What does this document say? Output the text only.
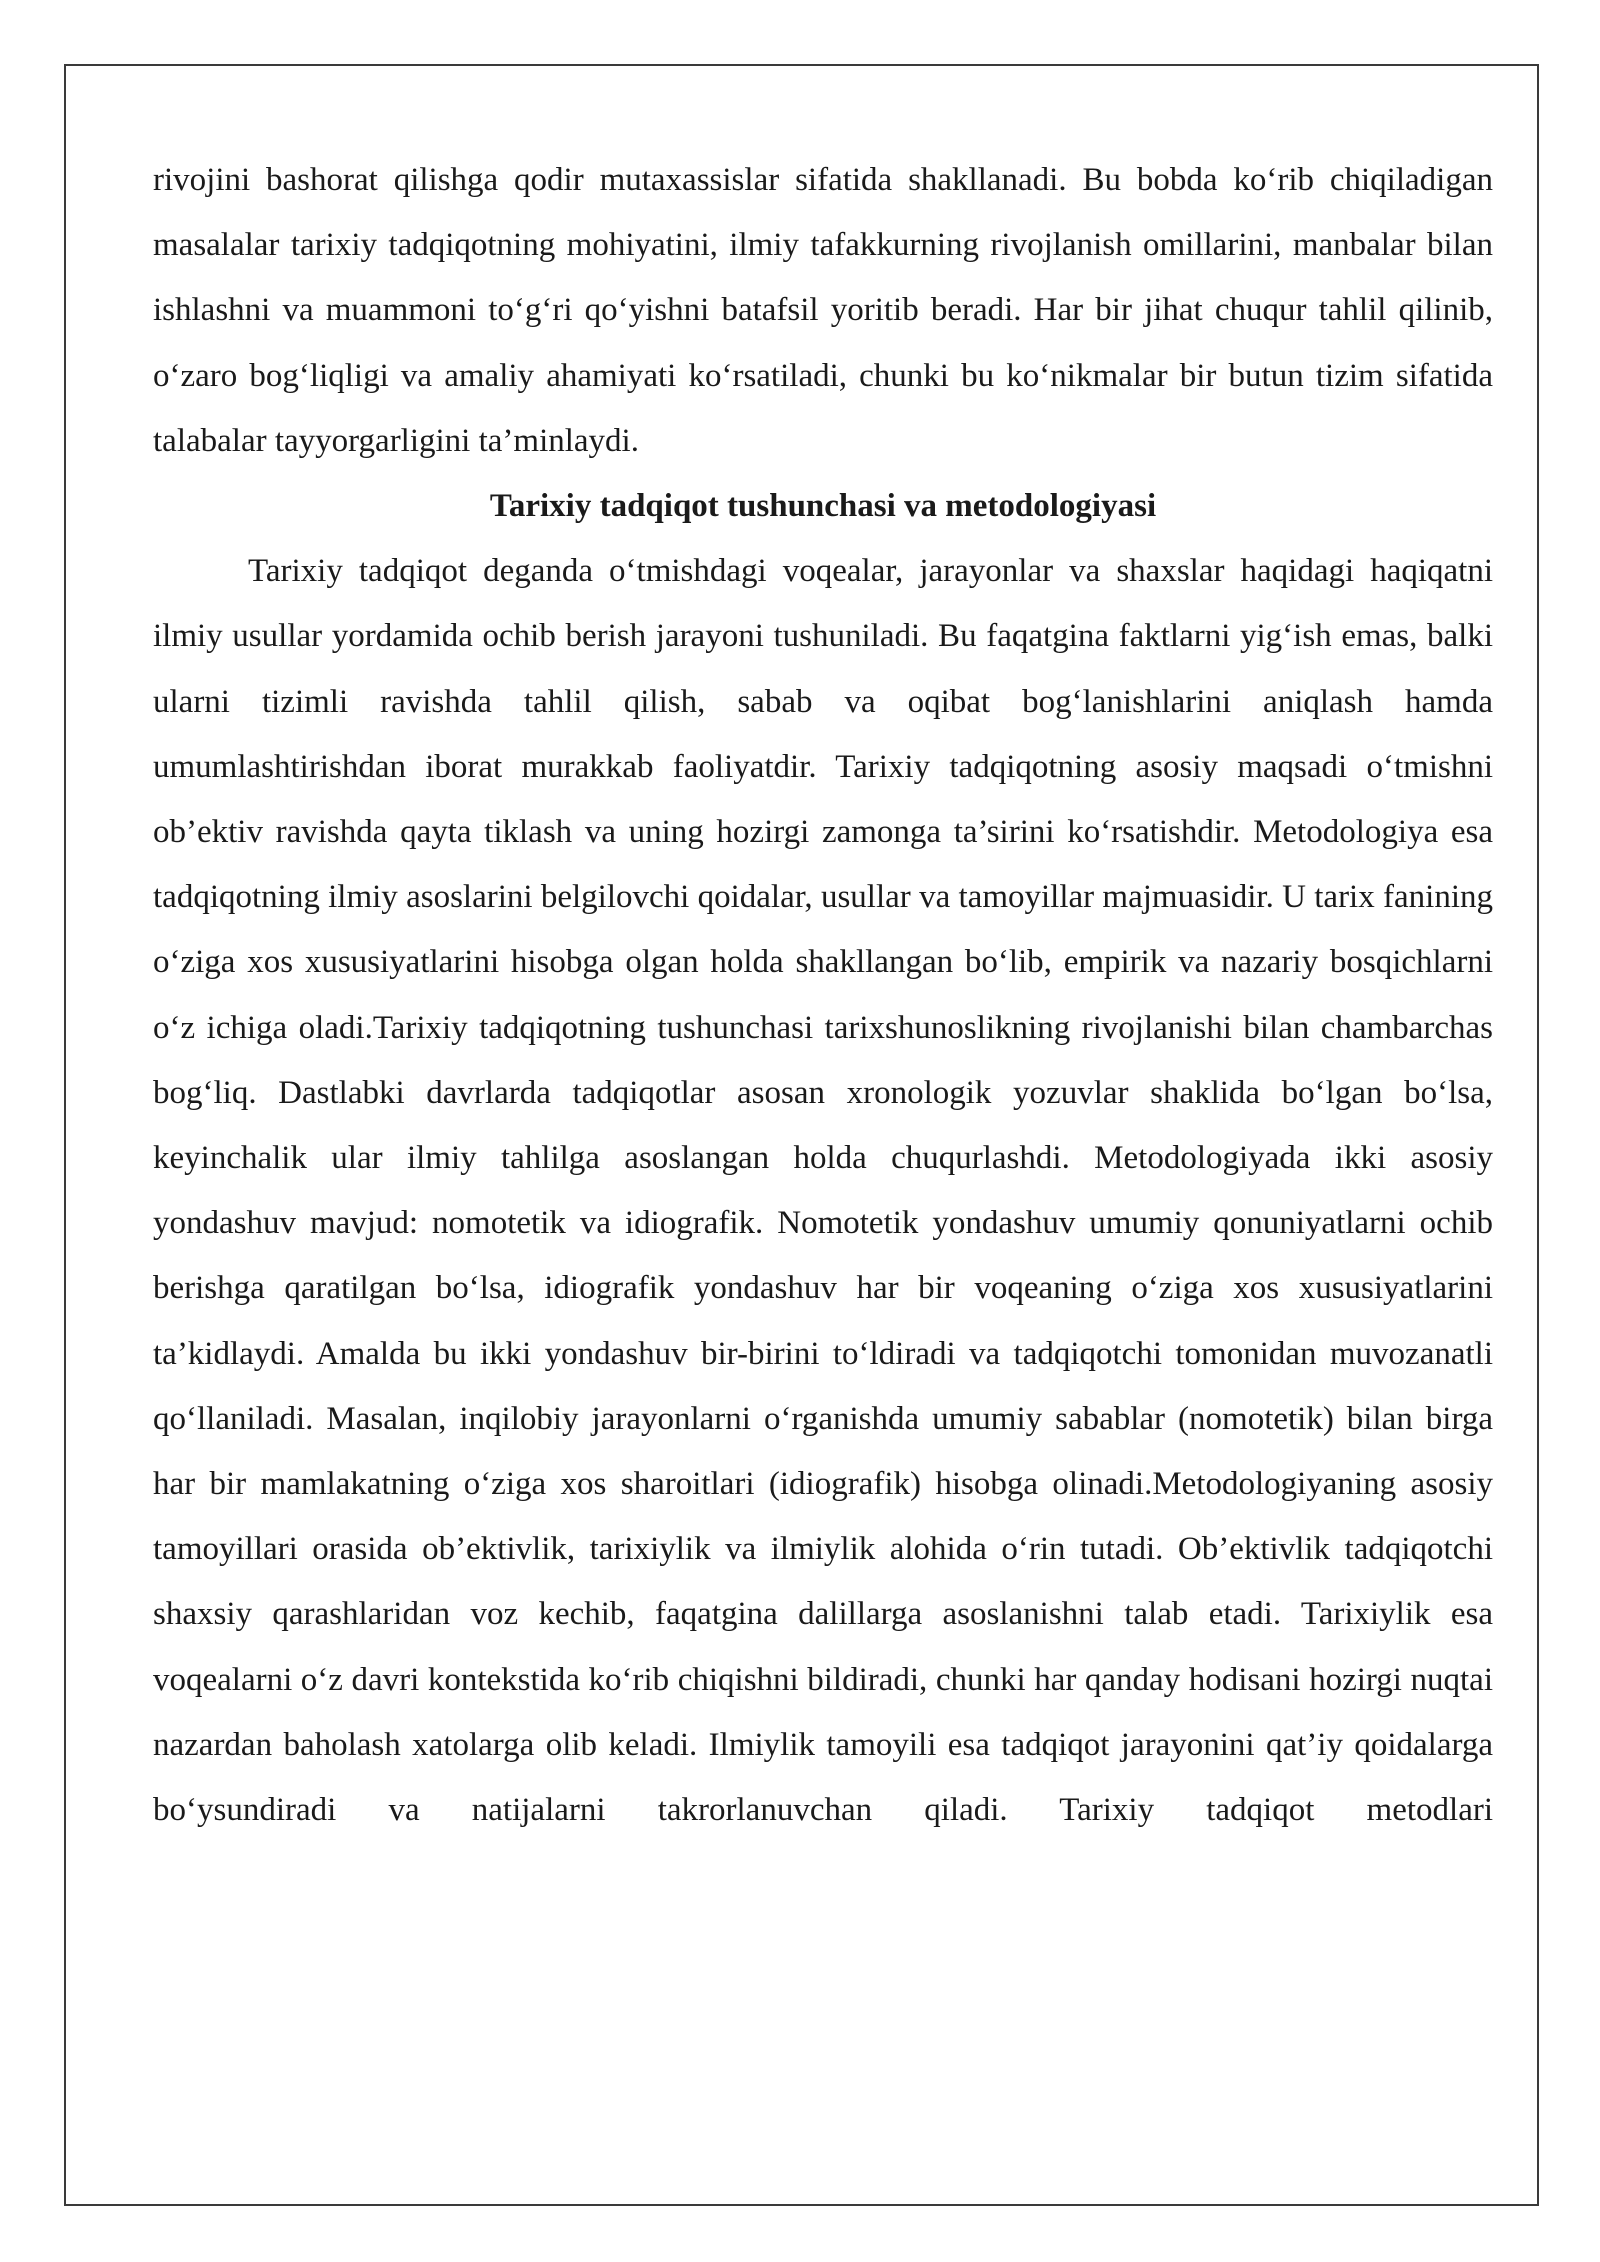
rivojini bashorat qilishga qodir mutaxassislar sifatida shakllanadi. Bu bobda ko‘rib chiqiladigan masalalar tarixiy tadqiqotning mohiyatini, ilmiy tafakkurning rivojlanish omillarini, manbalar bilan ishlashni va muammoni to‘g‘ri qo‘yishni batafsil yoritib beradi. Har bir jihat chuqur tahlil qilinib, o‘zaro bog‘liqligi va amaliy ahamiyati ko‘rsatiladi, chunki bu ko‘nikmalar bir butun tizim sifatida talabalar tayyorgarligini ta’minlaydi.

Tarixiy tadqiqot tushunchasi va metodologiyasi

Tarixiy tadqiqot deganda o‘tmishdagi voqealar, jarayonlar va shaxslar haqidagi haqiqatni ilmiy usullar yordamida ochib berish jarayoni tushuniladi. Bu faqatgina faktlarni yig‘ish emas, balki ularni tizimli ravishda tahlil qilish, sabab va oqibat bog‘lanishlarini aniqlash hamda umumlashtirishdan iborat murakkab faoliyatdir. Tarixiy tadqiqotning asosiy maqsadi o‘tmishni ob’ektiv ravishda qayta tiklash va uning hozirgi zamonga ta’sirini ko‘rsatishdir. Metodologiya esa tadqiqotning ilmiy asoslarini belgilovchi qoidalar, usullar va tamoyillar majmuasidir. U tarix fanining o‘ziga xos xususiyatlarini hisobga olgan holda shakllangan bo‘lib, empirik va nazariy bosqichlarni o‘z ichiga oladi.Tarixiy tadqiqotning tushunchasi tarixshunoslikning rivojlanishi bilan chambarchas bog‘liq. Dastlabki davrlarda tadqiqotlar asosan xronologik yozuvlar shaklida bo‘lgan bo‘lsa, keyinchalik ular ilmiy tahlilga asoslangan holda chuqurlashdi. Metodologiyada ikki asosiy yondashuv mavjud: nomotetik va idiografik. Nomotetik yondashuv umumiy qonuniyatlarni ochib berishga qaratilgan bo‘lsa, idiografik yondashuv har bir voqeaning o‘ziga xos xususiyatlarini ta’kidlaydi. Amalda bu ikki yondashuv bir-birini to‘ldiradi va tadqiqotchi tomonidan muvozanatli qo‘llaniladi. Masalan, inqilobiy jarayonlarni o‘rganishda umumiy sabablar (nomotetik) bilan birga har bir mamlakatning o‘ziga xos sharoitlari (idiografik) hisobga olinadi.Metodologiyaning asosiy tamoyillari orasida ob’ektivlik, tarixiylik va ilmiylik alohida o‘rin tutadi. Ob’ektivlik tadqiqotchi shaxsiy qarashlaridan voz kechib, faqatgina dalillarga asoslanishni talab etadi. Tarixiylik esa voqealarni o‘z davri kontekstida ko‘rib chiqishni bildiradi, chunki har qanday hodisani hozirgi nuqtai nazardan baholash xatolarga olib keladi. Ilmiylik tamoyili esa tadqiqot jarayonini qat’iy qoidalarga bo‘ysundiradi va natijalarni takrorlanuvchan qiladi. Tarixiy tadqiqot metodlari
